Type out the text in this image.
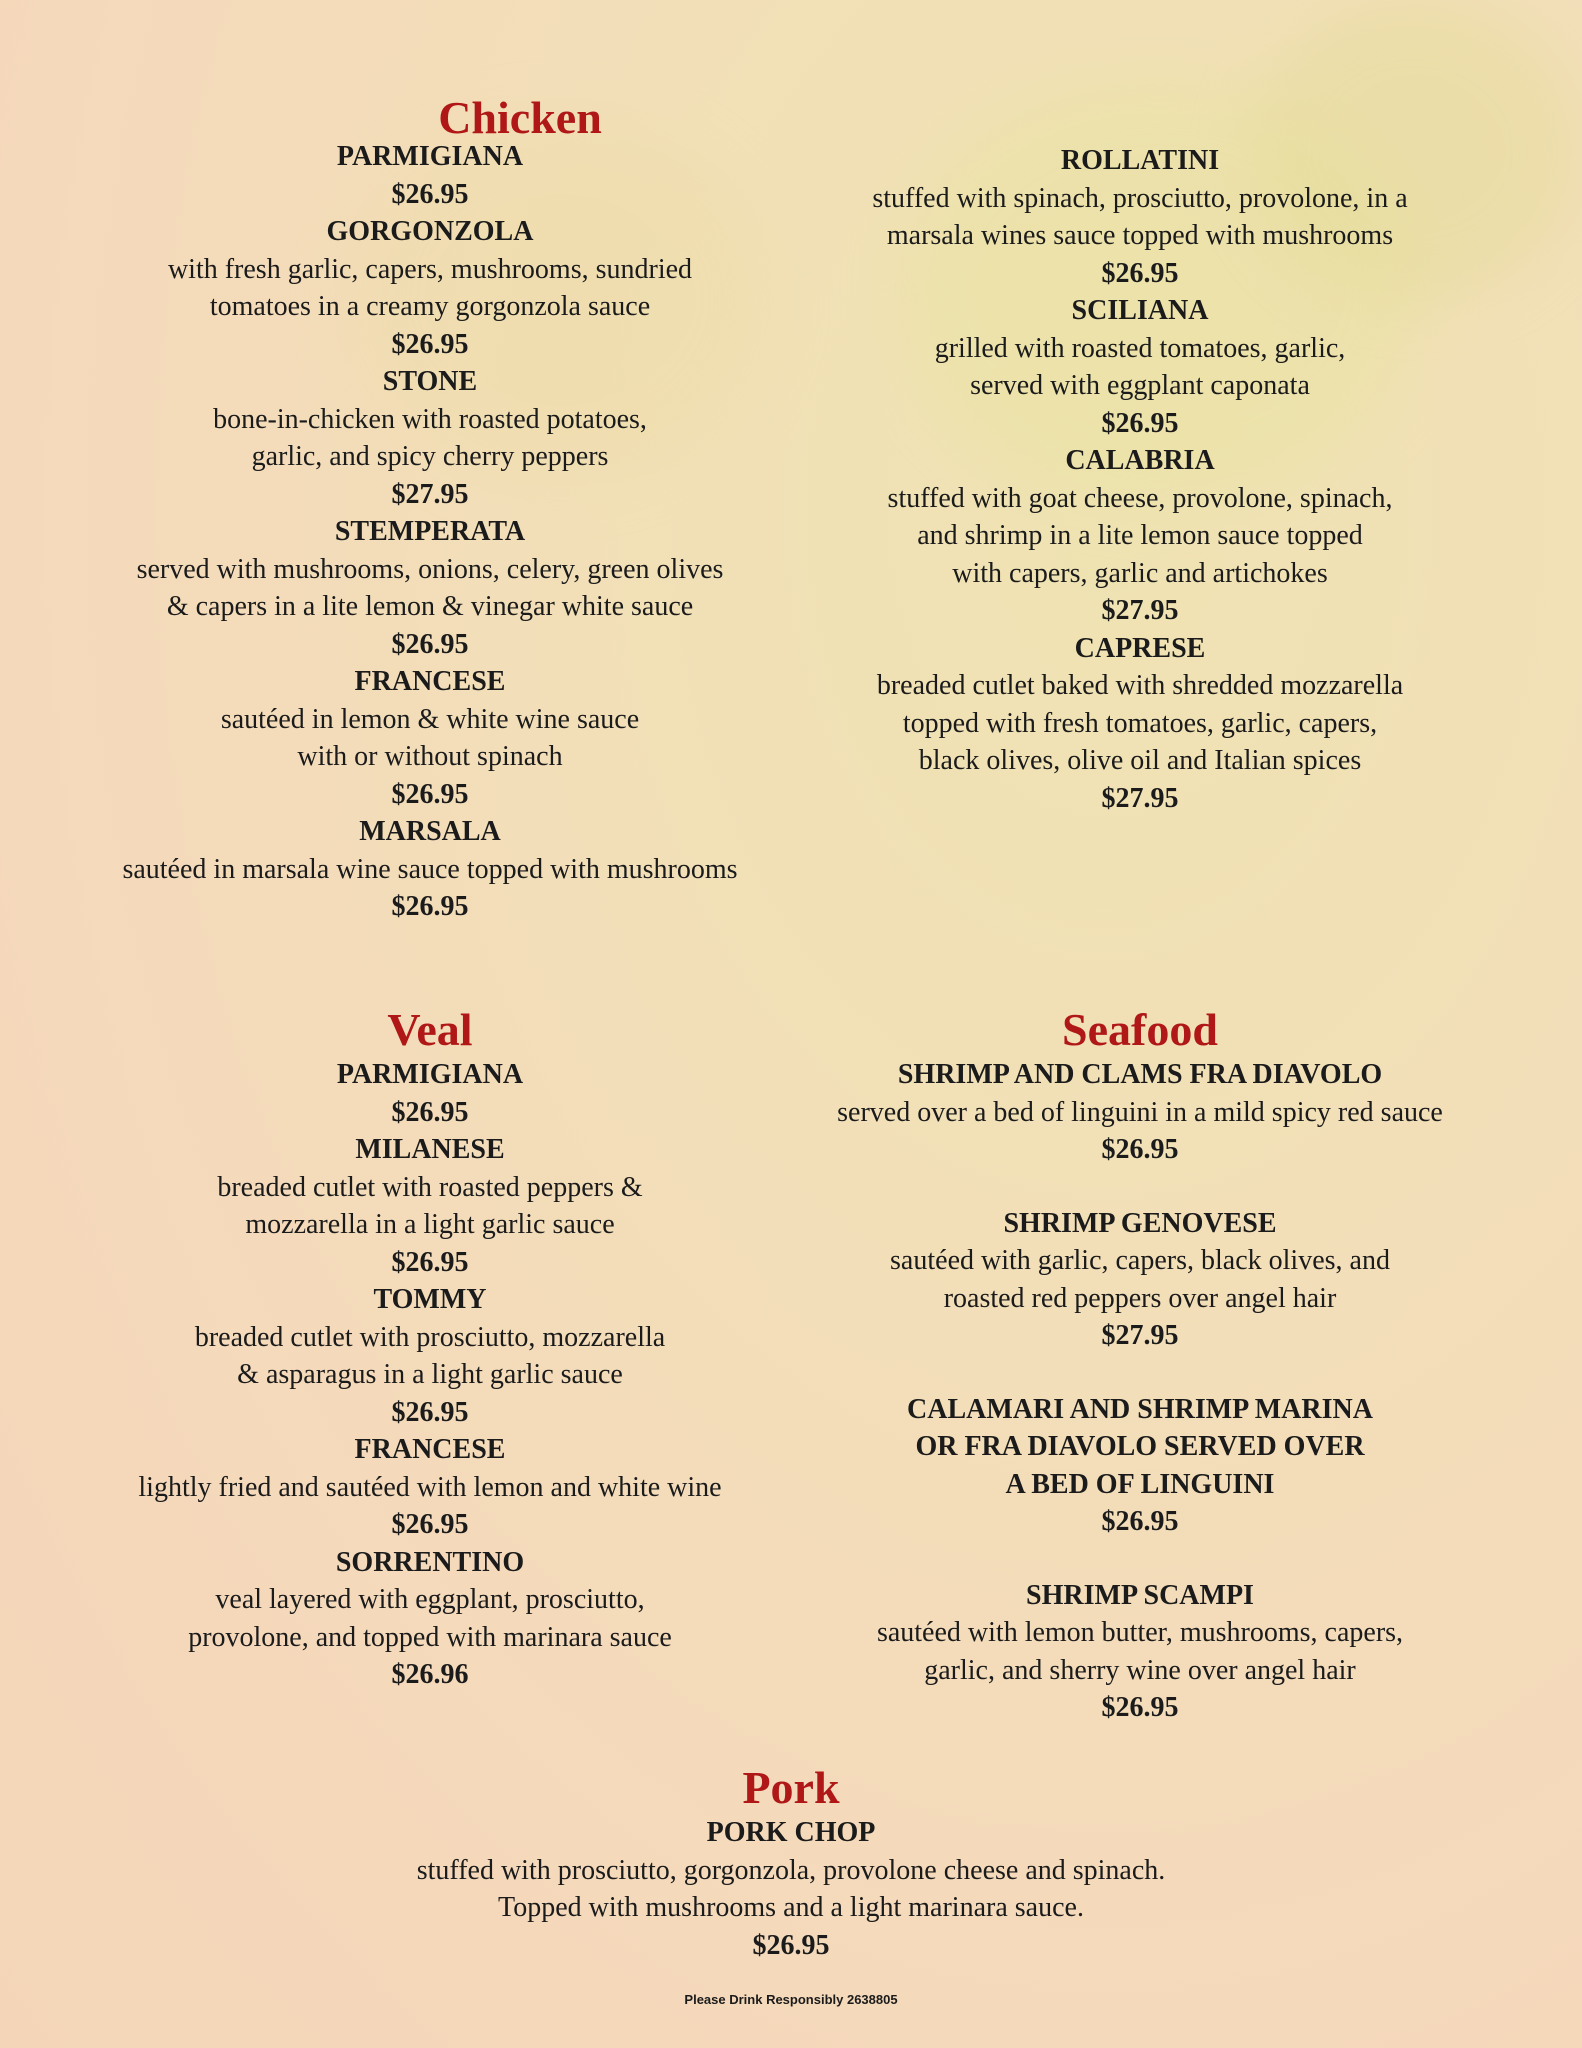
Chicken
PARMIGIANA
$26.95
GORGONZOLA
with fresh garlic, capers, mushrooms, sundried
tomatoes in a creamy gorgonzola sauce
$26.95
STONE
bone-in-chicken with roasted potatoes,
garlic, and spicy cherry peppers
$27.95
STEMPERATA
served with mushrooms, onions, celery, green olives
& capers in a lite lemon & vinegar white sauce
$26.95
FRANCESE
sautéed in lemon & white wine sauce
with or without spinach
$26.95
MARSALA
sautéed in marsala wine sauce topped with mushrooms
$26.95
ROLLATINI
stuffed with spinach, prosciutto, provolone, in a
marsala wines sauce topped with mushrooms
$26.95
SCILIANA
grilled with roasted tomatoes, garlic,
served with eggplant caponata
$26.95
CALABRIA
stuffed with goat cheese, provolone, spinach,
and shrimp in a lite lemon sauce topped
with capers, garlic and artichokes
$27.95
CAPRESE
breaded cutlet baked with shredded mozzarella
topped with fresh tomatoes, garlic, capers,
black olives, olive oil and Italian spices
$27.95
Veal
PARMIGIANA
$26.95
MILANESE
breaded cutlet with roasted peppers &
mozzarella in a light garlic sauce
$26.95
TOMMY
breaded cutlet with prosciutto, mozzarella
& asparagus in a light garlic sauce
$26.95
FRANCESE
lightly fried and sautéed with lemon and white wine
$26.95
SORRENTINO
veal layered with eggplant, prosciutto,
provolone, and topped with marinara sauce
$26.96
Seafood
SHRIMP AND CLAMS FRA DIAVOLO
served over a bed of linguini in a mild spicy red sauce
$26.95
SHRIMP GENOVESE
sautéed with garlic, capers, black olives, and
roasted red peppers over angel hair
$27.95
CALAMARI AND SHRIMP MARINA
OR FRA DIAVOLO SERVED OVER
A BED OF LINGUINI
$26.95
SHRIMP SCAMPI
sautéed with lemon butter, mushrooms, capers,
garlic, and sherry wine over angel hair
$26.95
Pork
PORK CHOP
stuffed with prosciutto, gorgonzola, provolone cheese and spinach.
Topped with mushrooms and a light marinara sauce.
$26.95
Please Drink Responsibly 2638805
